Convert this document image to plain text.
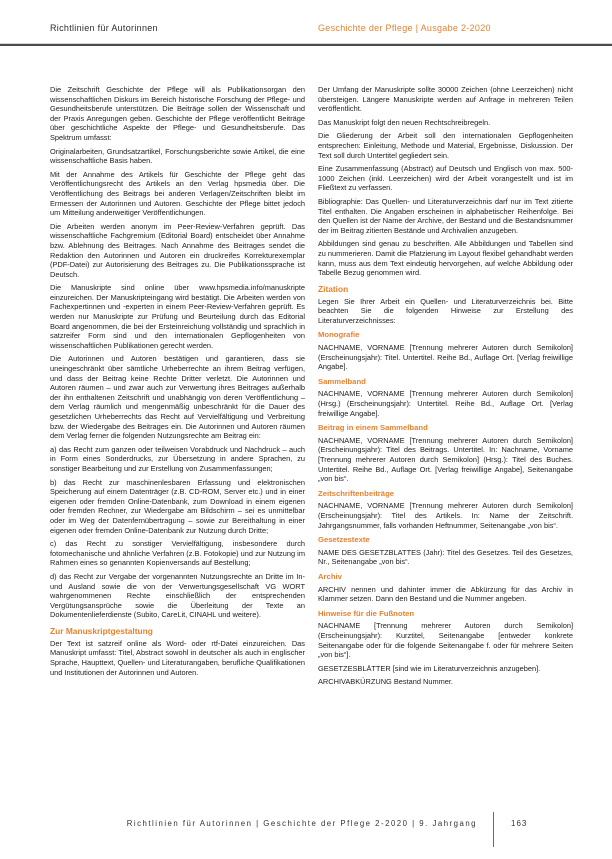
Richtlinien für Autorinnen	Geschichte der Pflege | Ausgabe 2-2020

Die Zeitschrift Geschichte der Pflege will als Publikationsorgan den wissenschaftlichen Diskurs im Bereich historische Forschung der Pflege- und Gesundheitsberufe unterstützen. Die Beiträge sollen der Wissenschaft und der Praxis Anregungen geben. Geschichte der Pflege veröffentlicht Beiträge über geschichtliche Aspekte der Pflege- und Gesundheitsberufe. Das Spektrum umfasst:

Originalarbeiten, Grundsatzartikel, Forschungsberichte sowie Artikel, die eine wissenschaftliche Basis haben.

Mit der Annahme des Artikels für Geschichte der Pflege geht das Veröffentlichungsrecht des Artikels an den Verlag hpsmedia über. Die Veröffentlichung des Beitrags bei anderen Verlagen/Zeitschriften bleibt im Ermessen der Autorinnen und Autoren. Geschichte der Pflege bittet jedoch um Mitteilung anderweitiger Veröffentlichungen.

Die Arbeiten werden anonym im Peer-Review-Verfahren geprüft. Das wissenschaftliche Fachgremium (Editorial Board) entscheidet über Annahme bzw. Ablehnung des Beitrages. Nach Annahme des Beitrages sendet die Redaktion den Autorinnen und Autoren ein druckreifes Korrekturexemplar (PDF-Datei) zur Autorisierung des Beitrages zu. Die Publikationssprache ist Deutsch.

Die Manuskripte sind online über www.hpsmedia.info/manuskripte einzureichen. Der Manuskripteingang wird bestätigt. Die Arbeiten werden von Fachexpertinnen und -experten in einem Peer-Review-Verfahren geprüft. Es werden nur Manuskripte zur Prüfung und Beurteilung durch das Editorial Board angenommen, die bei der Ersteinreichung vollständig und sprachlich in satzreifer Form sind und den internationalen Gepflogenheiten von wissenschaftlichen Publikationen gerecht werden.

Die Autorinnen und Autoren bestätigen und garantieren, dass sie uneingeschränkt über sämtliche Urheberrechte an ihrem Beitrag verfügen, und dass der Beitrag keine Rechte Dritter verletzt. Die Autorinnen und Autoren räumen – und zwar auch zur Verwertung ihres Beitrages außerhalb der ihn enthaltenen Zeitschrift und unabhängig von deren Veröffentlichung – dem Verlag räumlich und mengenmäßig unbeschränkt für die Dauer des gesetzlichen Urheberrechts das Recht auf Vervielfältigung und Verbreitung bzw. der Wiedergabe des Beitrages ein. Die Autorinnen und Autoren räumen dem Verlag ferner die folgenden Nutzungsrechte am Beitrag ein:

a) das Recht zum ganzen oder teilweisen Vorabdruck und Nachdruck – auch in Form eines Sonderdrucks, zur Übersetzung in andere Sprachen, zu sonstiger Bearbeitung und zur Erstellung von Zusammenfassungen;

b) das Recht zur maschinenlesbaren Erfassung und elektronischen Speicherung auf einem Datenträger (z.B. CD-ROM, Server etc.) und in einer eigenen oder fremden Online-Datenbank, zum Download in einem eigenen oder fremden Rechner, zur Wiedergabe am Bildschirm – sei es unmittelbar oder im Weg der Datenfernübertragung – sowie zur Bereithaltung in einer eigenen oder fremden Online-Datenbank zur Nutzung durch Dritte;

c) das Recht zu sonstiger Vervielfältigung, insbesondere durch fotomechanische und ähnliche Verfahren (z.B. Fotokopie) und zur Nutzung im Rahmen eines so genannten Kopienversands auf Bestellung;

d) das Recht zur Vergabe der vorgenannten Nutzungsrechte an Dritte im In- und Ausland sowie die von der Verwertungsgesellschaft VG WORT wahrgenommenen Rechte einschließlich der entsprechenden Vergütungsansprüche sowie die Überleitung der Texte an Dokumentenlieferdienste (Subito, CareLit, CINAHL und weitere).

Zur Manuskriptgestaltung

Der Text ist satzreif online als Word- oder rtf-Datei einzureichen. Das Manuskript umfasst: Titel, Abstract sowohl in deutscher als auch in englischer Sprache, Haupttext, Quellen- und Literaturangaben, berufliche Qualifikationen und Institutionen der Autorinnen und Autoren.

Der Umfang der Manuskripte sollte 30000 Zeichen (ohne Leerzeichen) nicht übersteigen. Längere Manuskripte werden auf Anfrage in mehreren Teilen veröffentlicht.

Das Manuskript folgt den neuen Rechtschreibregeln.

Die Gliederung der Arbeit soll den internationalen Gepflogenheiten entsprechen: Einleitung, Methode und Material, Ergebnisse, Diskussion. Der Text soll durch Untertitel gegliedert sein.

Eine Zusammenfassung (Abstract) auf Deutsch und Englisch von max. 500-1000 Zeichen (inkl. Leerzeichen) wird der Arbeit vorangestellt und ist im Fließtext zu verfassen.

Bibliographie: Das Quellen- und Literaturverzeichnis darf nur im Text zitierte Titel enthalten. Die Angaben erscheinen in alphabetischer Reihenfolge. Bei den Quellen ist der Name der Archive, der Bestand und die Bestandsnummer der im Beitrag zitierten Bestände und Archivalien anzugeben.

Abbildungen sind genau zu beschriften. Alle Abbildungen und Tabellen sind zu nummerieren. Damit die Platzierung im Layout flexibel gehandhabt werden kann, muss aus dem Text eindeutig hervorgehen, auf welche Abbildung oder Tabelle Bezug genommen wird.

Zitation

Legen Sie Ihrer Arbeit ein Quellen- und Literaturverzeichnis bei. Bitte beachten Sie die folgenden Hinweise zur Erstellung des Literaturverzeichnisses:

Monografie

NACHNAME, VORNAME [Trennung mehrerer Autoren durch Semikolon] (Erscheinungsjahr): Titel. Untertitel. Reihe Bd., Auflage Ort. [Verlag freiwillige Angabe].

Sammelband

NACHNAME, VORNAME [Trennung mehrerer Autoren durch Semikolon] (Hrsg.) (Erscheinungsjahr): Untertitel. Reihe Bd., Auflage Ort. [Verlag freiwillige Angabe].

Beitrag in einem Sammelband

NACHNAME, VORNAME [Trennung mehrerer Autoren durch Semikolon] (Erscheinungsjahr): Titel des Beitrags. Untertitel. In: Nachname, Vorname [Trennung mehrerer Autoren durch Semikolon] (Hrsg.): Titel des Buches. Untertitel. Reihe Bd., Auflage Ort. [Verlag freiwillige Angabe], Seitenangabe „von bis“.

Zeitschriftenbeiträge

NACHNAME, VORNAME [Trennung mehrerer Autoren durch Semikolon] (Erscheinungsjahr): Titel des Artikels. In: Name der Zeitschrift. Jahrgangsnummer, falls vorhanden Heftnummer, Seitenangabe „von bis“.

Gesetzestexte

NAME DES GESETZBLATTES (Jahr): Titel des Gesetzes. Teil des Gesetzes, Nr., Seitenangabe „von bis“.

Archiv

ARCHIV nennen und dahinter immer die Abkürzung für das Archiv in Klammer setzen. Dann den Bestand und die Nummer angeben.

Hinweise für die Fußnoten

NACHNAME [Trennung mehrerer Autoren durch Semikolon] (Erscheinungsjahr): Kurztitel, Seitenangabe [entweder konkrete Seitenangabe oder für die folgende Seitenangabe f. oder für mehrere Seiten „von bis“].

GESETZESBLÄTTER [sind wie im Literaturverzeichnis anzugeben].

ARCHIVABKÜRZUNG Bestand Nummer.

Richtlinien für Autorinnen | Geschichte der Pflege 2-2020 | 9. Jahrgang	163
